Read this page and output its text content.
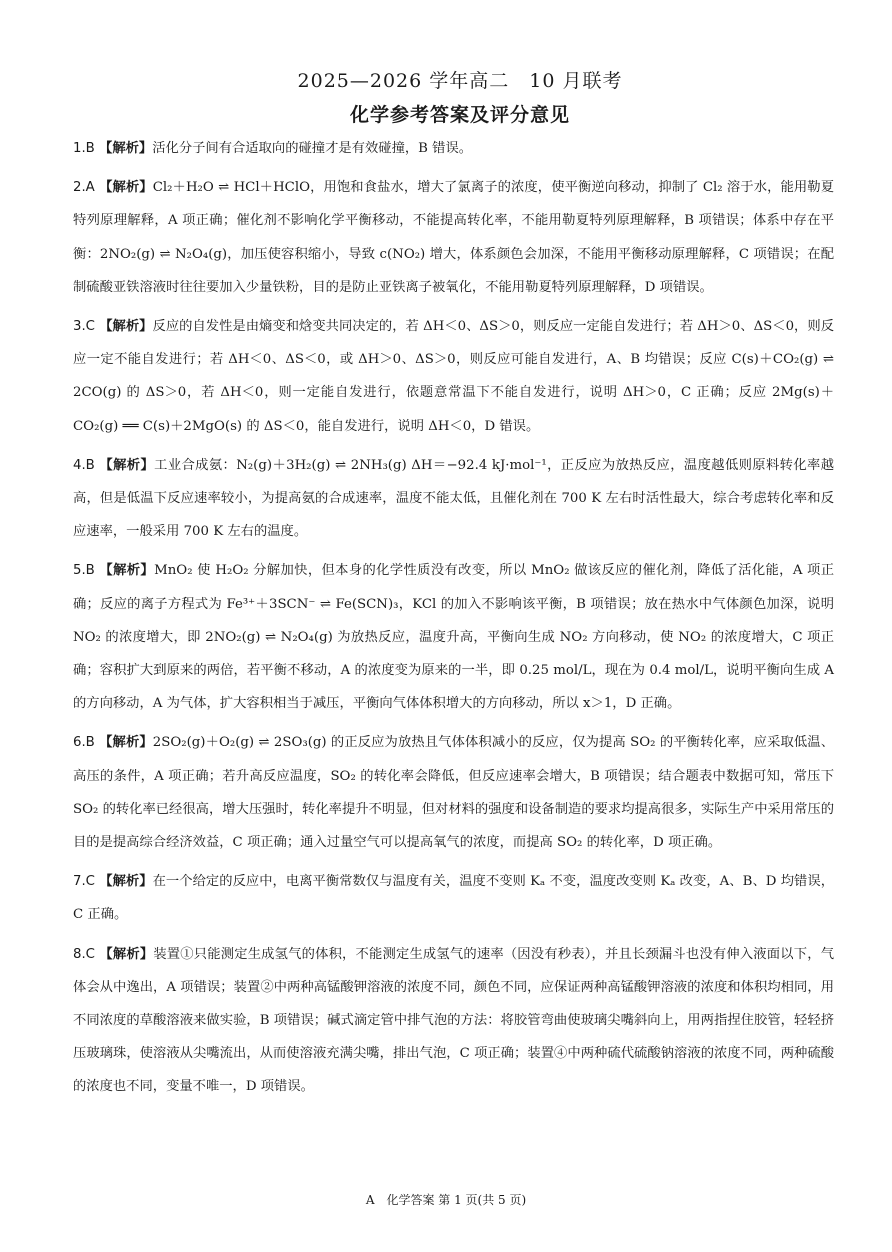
2025—2026 学年高二　10 月联考
化学参考答案及评分意见
1.B 【解析】活化分子间有合适取向的碰撞才是有效碰撞，B 错误。
2.A 【解析】Cl₂＋H₂O ⇌ HCl＋HClO，用饱和食盐水，增大了氯离子的浓度，使平衡逆向移动，抑制了 Cl₂ 溶于水，能用勒夏特列原理解释，A 项正确；催化剂不影响化学平衡移动，不能提高转化率，不能用勒夏特列原理解释，B 项错误；体系中存在平衡：2NO₂(g) ⇌ N₂O₄(g)，加压使容积缩小，导致 c(NO₂) 增大，体系颜色会加深，不能用平衡移动原理解释，C 项错误；在配制硫酸亚铁溶液时往往要加入少量铁粉，目的是防止亚铁离子被氧化，不能用勒夏特列原理解释，D 项错误。
3.C 【解析】反应的自发性是由熵变和焓变共同决定的，若 ΔH＜0、ΔS＞0，则反应一定能自发进行；若 ΔH＞0、ΔS＜0，则反应一定不能自发进行；若 ΔH＜0、ΔS＜0，或 ΔH＞0、ΔS＞0，则反应可能自发进行，A、B 均错误；反应 C(s)＋CO₂(g) ⇌ 2CO(g) 的 ΔS＞0，若 ΔH＜0，则一定能自发进行，依题意常温下不能自发进行，说明 ΔH＞0，C 正确；反应 2Mg(s)＋CO₂(g) ══ C(s)＋2MgO(s) 的 ΔS＜0，能自发进行，说明 ΔH＜0，D 错误。
4.B 【解析】工业合成氨：N₂(g)＋3H₂(g) ⇌ 2NH₃(g) ΔH＝−92.4 kJ·mol⁻¹，正反应为放热反应，温度越低则原料转化率越高，但是低温下反应速率较小，为提高氨的合成速率，温度不能太低，且催化剂在 700 K 左右时活性最大，综合考虑转化率和反应速率，一般采用 700 K 左右的温度。
5.B 【解析】MnO₂ 使 H₂O₂ 分解加快，但本身的化学性质没有改变，所以 MnO₂ 做该反应的催化剂，降低了活化能，A 项正确；反应的离子方程式为 Fe³⁺＋3SCN⁻ ⇌ Fe(SCN)₃，KCl 的加入不影响该平衡，B 项错误；放在热水中气体颜色加深，说明 NO₂ 的浓度增大，即 2NO₂(g) ⇌ N₂O₄(g) 为放热反应，温度升高，平衡向生成 NO₂ 方向移动，使 NO₂ 的浓度增大，C 项正确；容积扩大到原来的两倍，若平衡不移动，A 的浓度变为原来的一半，即 0.25 mol/L，现在为 0.4 mol/L，说明平衡向生成 A 的方向移动，A 为气体，扩大容积相当于减压，平衡向气体体积增大的方向移动，所以 x＞1，D 正确。
6.B 【解析】2SO₂(g)＋O₂(g) ⇌ 2SO₃(g) 的正反应为放热且气体体积减小的反应，仅为提高 SO₂ 的平衡转化率，应采取低温、高压的条件，A 项正确；若升高反应温度，SO₂ 的转化率会降低，但反应速率会增大，B 项错误；结合题表中数据可知，常压下 SO₂ 的转化率已经很高，增大压强时，转化率提升不明显，但对材料的强度和设备制造的要求均提高很多，实际生产中采用常压的目的是提高综合经济效益，C 项正确；通入过量空气可以提高氧气的浓度，而提高 SO₂ 的转化率，D 项正确。
7.C 【解析】在一个给定的反应中，电离平衡常数仅与温度有关，温度不变则 Kₐ 不变，温度改变则 Kₐ 改变，A、B、D 均错误，C 正确。
8.C 【解析】装置①只能测定生成氢气的体积，不能测定生成氢气的速率（因没有秒表），并且长颈漏斗也没有伸入液面以下，气体会从中逸出，A 项错误；装置②中两种高锰酸钾溶液的浓度不同，颜色不同，应保证两种高锰酸钾溶液的浓度和体积均相同，用不同浓度的草酸溶液来做实验，B 项错误；碱式滴定管中排气泡的方法：将胶管弯曲使玻璃尖嘴斜向上，用两指捏住胶管，轻轻挤压玻璃珠，使溶液从尖嘴流出，从而使溶液充满尖嘴，排出气泡，C 项正确；装置④中两种硫代硫酸钠溶液的浓度不同，两种硫酸的浓度也不同，变量不唯一，D 项错误。
A　化学答案 第 1 页(共 5 页)
